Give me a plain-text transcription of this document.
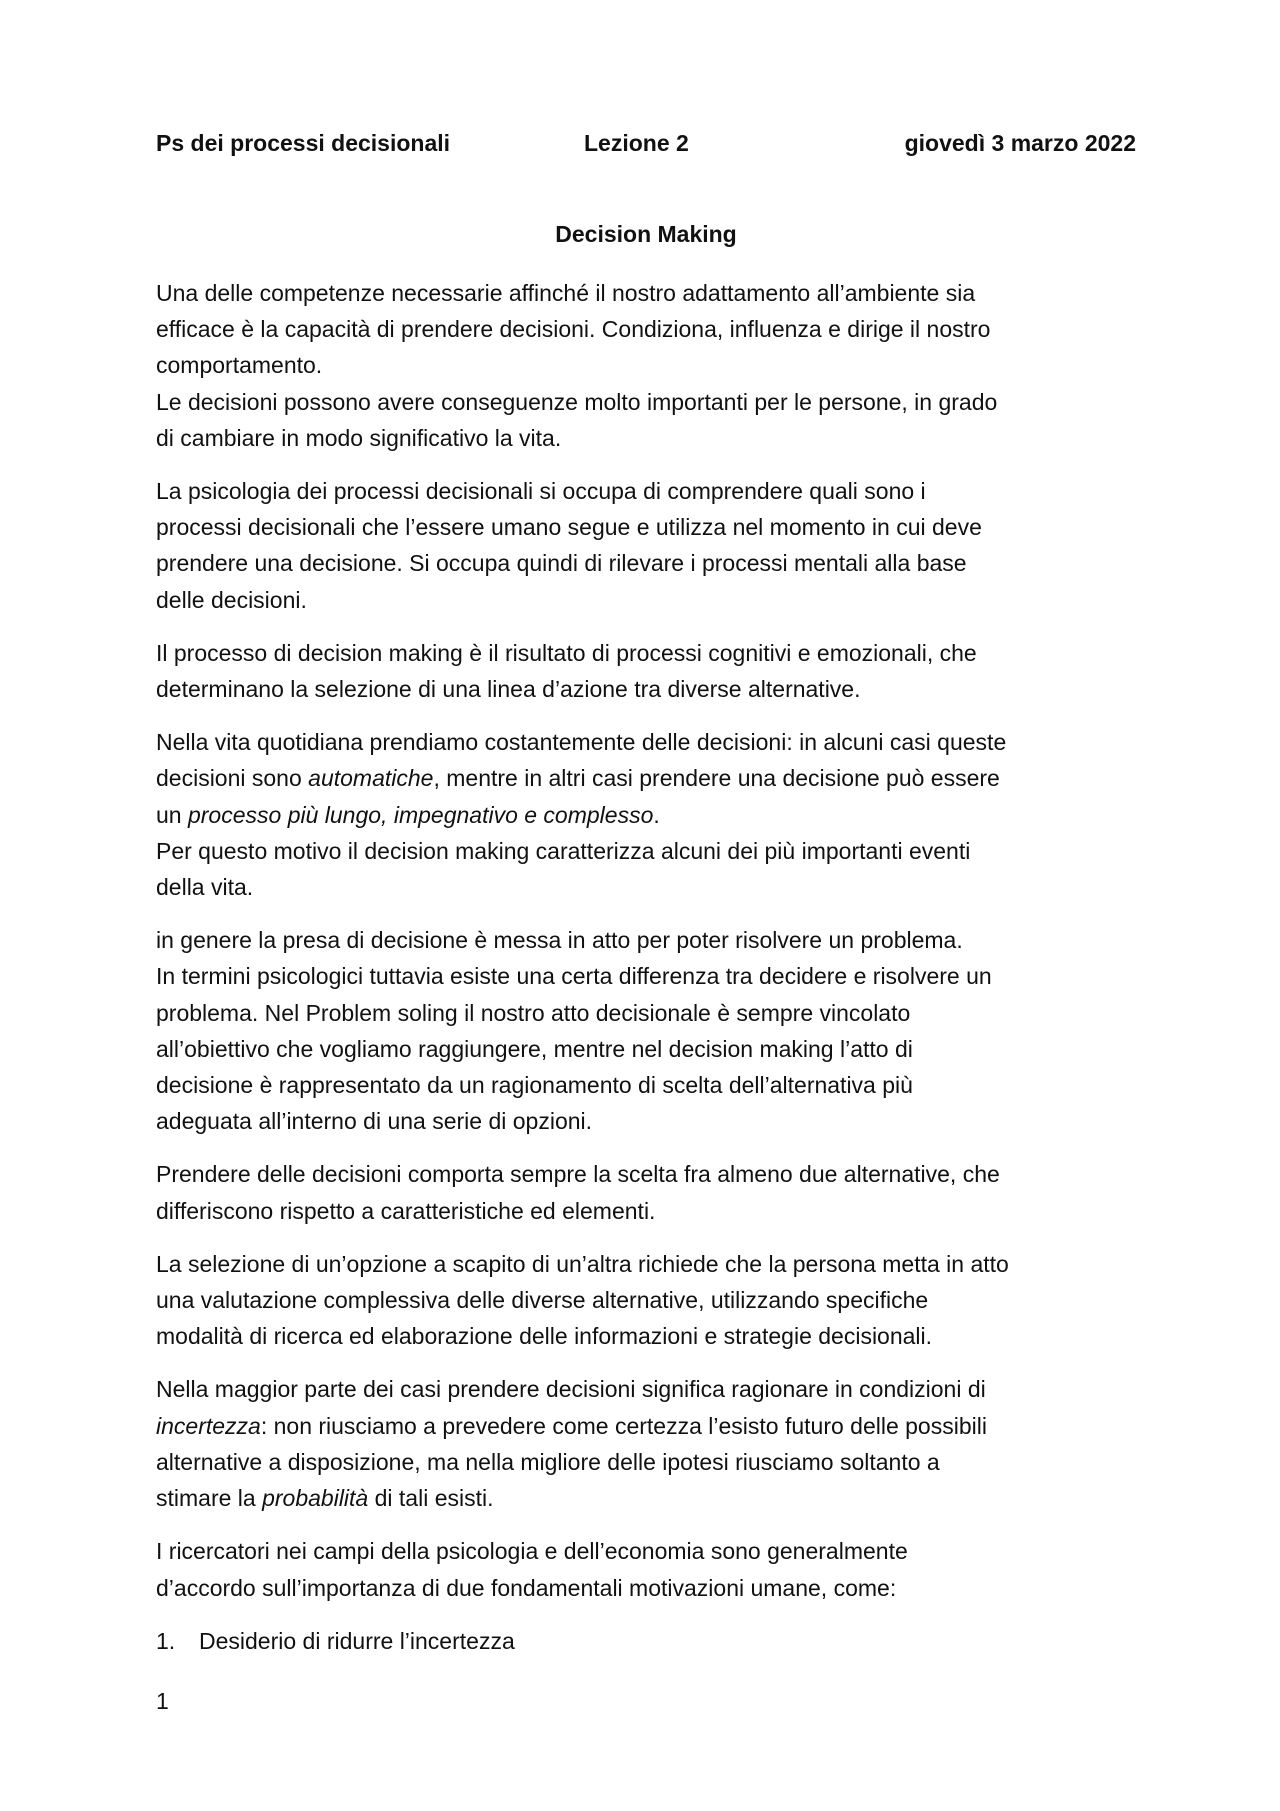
Ps dei processi decisionali	Lezione 2	giovedì 3 marzo 2022
Decision Making

Una delle competenze necessarie affinché il nostro adattamento all’ambiente sia
efficace è la capacità di prendere decisioni. Condiziona, influenza e dirige il nostro
comportamento.
Le decisioni possono avere conseguenze molto importanti per le persone, in grado
di cambiare in modo significativo la vita.

La psicologia dei processi decisionali si occupa di comprendere quali sono i
processi decisionali che l’essere umano segue e utilizza nel momento in cui deve
prendere una decisione. Si occupa quindi di rilevare i processi mentali alla base
delle decisioni.

Il processo di decision making è il risultato di processi cognitivi e emozionali, che
determinano la selezione di una linea d’azione tra diverse alternative.

Nella vita quotidiana prendiamo costantemente delle decisioni: in alcuni casi queste
decisioni sono automatiche, mentre in altri casi prendere una decisione può essere
un processo più lungo, impegnativo e complesso.
Per questo motivo il decision making caratterizza alcuni dei più importanti eventi
della vita.

in genere la presa di decisione è messa in atto per poter risolvere un problema.
In termini psicologici tuttavia esiste una certa differenza tra decidere e risolvere un
problema. Nel Problem soling il nostro atto decisionale è sempre vincolato
all’obiettivo che vogliamo raggiungere, mentre nel decision making l’atto di
decisione è rappresentato da un ragionamento di scelta dell’alternativa più
adeguata all’interno di una serie di opzioni.

Prendere delle decisioni comporta sempre la scelta fra almeno due alternative, che
differiscono rispetto a caratteristiche ed elementi.

La selezione di un’opzione a scapito di un’altra richiede che la persona metta in atto
una valutazione complessiva delle diverse alternative, utilizzando specifiche
modalità di ricerca ed elaborazione delle informazioni e strategie decisionali.

Nella maggior parte dei casi prendere decisioni significa ragionare in condizioni di
incertezza: non riusciamo a prevedere come certezza l’esisto futuro delle possibili
alternative a disposizione, ma nella migliore delle ipotesi riusciamo soltanto a
stimare la probabilità di tali esisti.

I ricercatori nei campi della psicologia e dell’economia sono generalmente
d’accordo sull’importanza di due fondamentali motivazioni umane, come:

1.	Desiderio di ridurre l’incertezza
1
